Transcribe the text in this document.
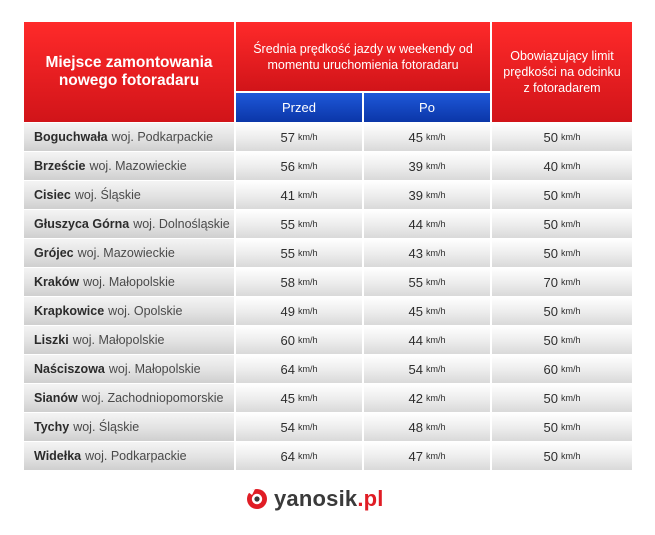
Miejsce zamontowania nowego fotoradaru
Średnia prędkość jazdy w weekendy od momentu uruchomienia fotoradaru
Obowiązujący limit prędkości na odcinku z fotoradarem
Przed	Po
Boguchwała woj. Podkarpackie	57 km/h	45 km/h	50 km/h
Brzeście woj. Mazowieckie	56 km/h	39 km/h	40 km/h
Cisiec woj. Śląskie	41 km/h	39 km/h	50 km/h
Głuszyca Górna woj. Dolnośląskie	55 km/h	44 km/h	50 km/h
Grójec woj. Mazowieckie	55 km/h	43 km/h	50 km/h
Kraków woj. Małopolskie	58 km/h	55 km/h	70 km/h
Krapkowice woj. Opolskie	49 km/h	45 km/h	50 km/h
Liszki woj. Małopolskie	60 km/h	44 km/h	50 km/h
Naściszowa woj. Małopolskie	64 km/h	54 km/h	60 km/h
Sianów woj. Zachodniopomorskie	45 km/h	42 km/h	50 km/h
Tychy woj. Śląskie	54 km/h	48 km/h	50 km/h
Widełka woj. Podkarpackie	64 km/h	47 km/h	50 km/h
yanosik.pl
